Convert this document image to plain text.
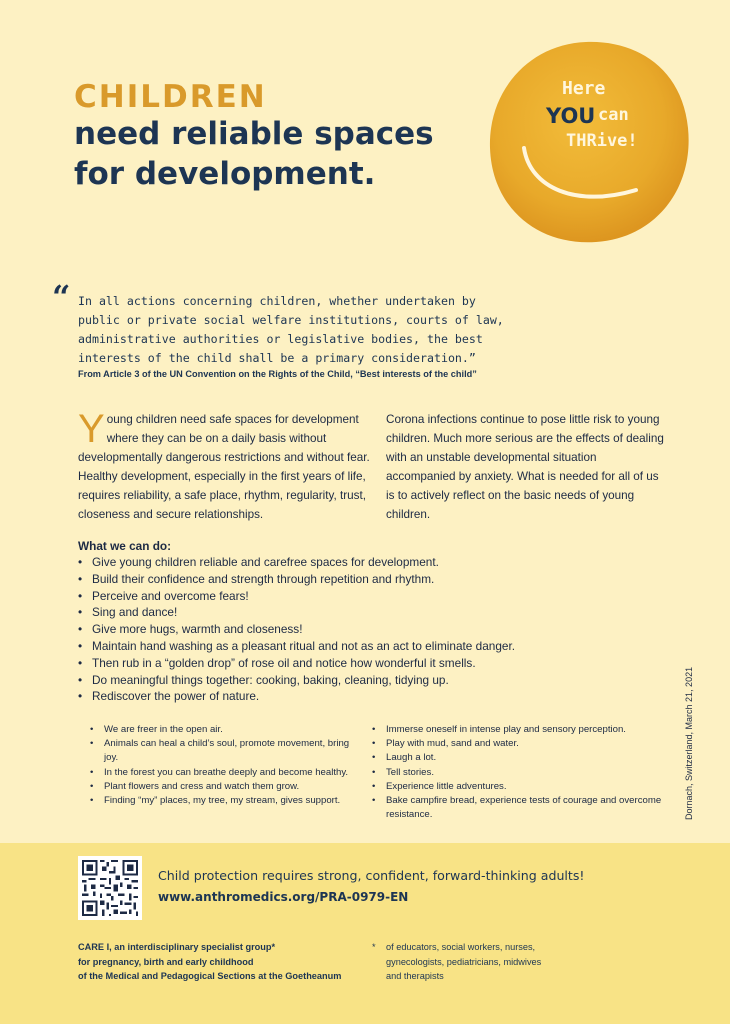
CHILDREN
need reliable spaces
for development.
Here
YOU can
THRive!
“ In all actions concerning children, whether undertaken by
public or private social welfare institutions, courts of law,
administrative authorities or legislative bodies, the best
interests of the child shall be a primary consideration.”
From Article 3 of the UN Convention on the Rights of the Child, “Best interests of the child”
Young children need safe spaces for development where they can be on a daily basis without developmentally dangerous restrictions and without fear. Healthy development, especially in the first years of life, requires reliability, a safe place, rhythm, regularity, trust, closeness and secure relationships.
Corona infections continue to pose little risk to young children. Much more serious are the effects of dealing with an unstable developmental situation accompanied by anxiety. What is needed for all of us is to actively reflect on the basic needs of young children.
What we can do:
• Give young children reliable and carefree spaces for development.
• Build their confidence and strength through repetition and rhythm.
• Perceive and overcome fears!
• Sing and dance!
• Give more hugs, warmth and closeness!
• Maintain hand washing as a pleasant ritual and not as an act to eliminate danger.
• Then rub in a “golden drop” of rose oil and notice how wonderful it smells.
• Do meaningful things together: cooking, baking, cleaning, tidying up.
• Rediscover the power of nature.
• We are freer in the open air.
• Animals can heal a child’s soul, promote movement, bring joy.
• In the forest you can breathe deeply and become healthy.
• Plant flowers and cress and watch them grow.
• Finding “my” places, my tree, my stream, gives support.
• Immerse oneself in intense play and sensory perception.
• Play with mud, sand and water.
• Laugh a lot.
• Tell stories.
• Experience little adventures.
• Bake campfire bread, experience tests of courage and overcome resistance.	Dornach, Switzerland, March 21, 2021
Child protection requires strong, confident, forward-thinking adults!
www.anthromedics.org/PRA-0979-EN
CARE I, an interdisciplinary specialist group*
for pregnancy, birth and early childhood
of the Medical and Pedagogical Sections at the Goetheanum
*	of educators, social workers, nurses,
gynecologists, pediatricians, midwives
and therapists
